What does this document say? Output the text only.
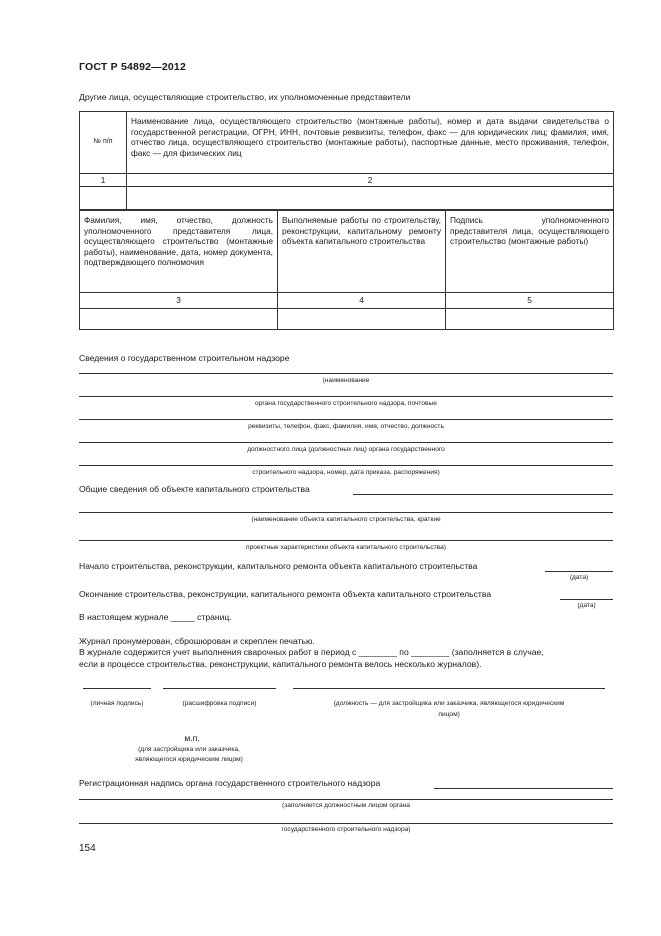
ГОСТ Р 54892—2012
Другие лица, осуществляющие строительство, их уполномоченные представители
№ п/п	Наименование лица, осуществляющего строительство (монтажные работы), номер и дата выдачи свидетельства о государственной регистрации, ОГРН, ИНН, почтовые реквизиты, телефон, факс — для юридических лиц; фамилия, имя, отчество лица, осуществляющего строительство (монтажные работы), паспортные данные, место проживания, телефон, факс — для физических лиц
1	2

Фамилия, имя, отчество, должность уполномоченного представителя лица, осуществляющего строительство (монтажные работы), наименование, дата, номер документа, подтверждающего полномочия	Выполняемые работы по строительству, реконструкции, капитальному ремонту объекта капитального строительства	Подпись уполномоченного представителя лица, осуществляющего строительство (монтажные работы)
3	4	5

Сведения о государственном строительном надзоре
(наименование
органа государственного строительного надзора, почтовые
реквизиты, телефон, факс, фамилия, имя, отчество, должность
должностного лица (должностных лиц) органа государственного
строительного надзора, номер, дата приказа, распоряжения)
Общие сведения об объекте капитального строительства
(наименование объекта капитального строительства, краткие
проектные характеристики объекта капитального строительства)
Начало строительства, реконструкции, капитального ремонта объекта капитального строительства
(дата)
Окончание строительства, реконструкции, капитального ремонта объекта капитального строительства
(дата)
В настоящем журнале _____ страниц.
Журнал пронумерован, сброшюрован и скреплен печатью.
В журнале содержится учет выполнения сварочных работ в период с ________ по ________ (заполняется в случае,
если в процессе строительства, реконструкции, капитального ремонта велось несколько журналов).
(личная подпись)	(расшифровка подписи)	(должность — для застройщика или заказчика, являющегося юридическим
лицом)
м.п.
(для застройщика или заказчика,
являющегося юридическим лицом)
Регистрационная надпись органа государственного строительного надзора
(заполняется должностным лицом органа
государственного строительного надзора)
154
